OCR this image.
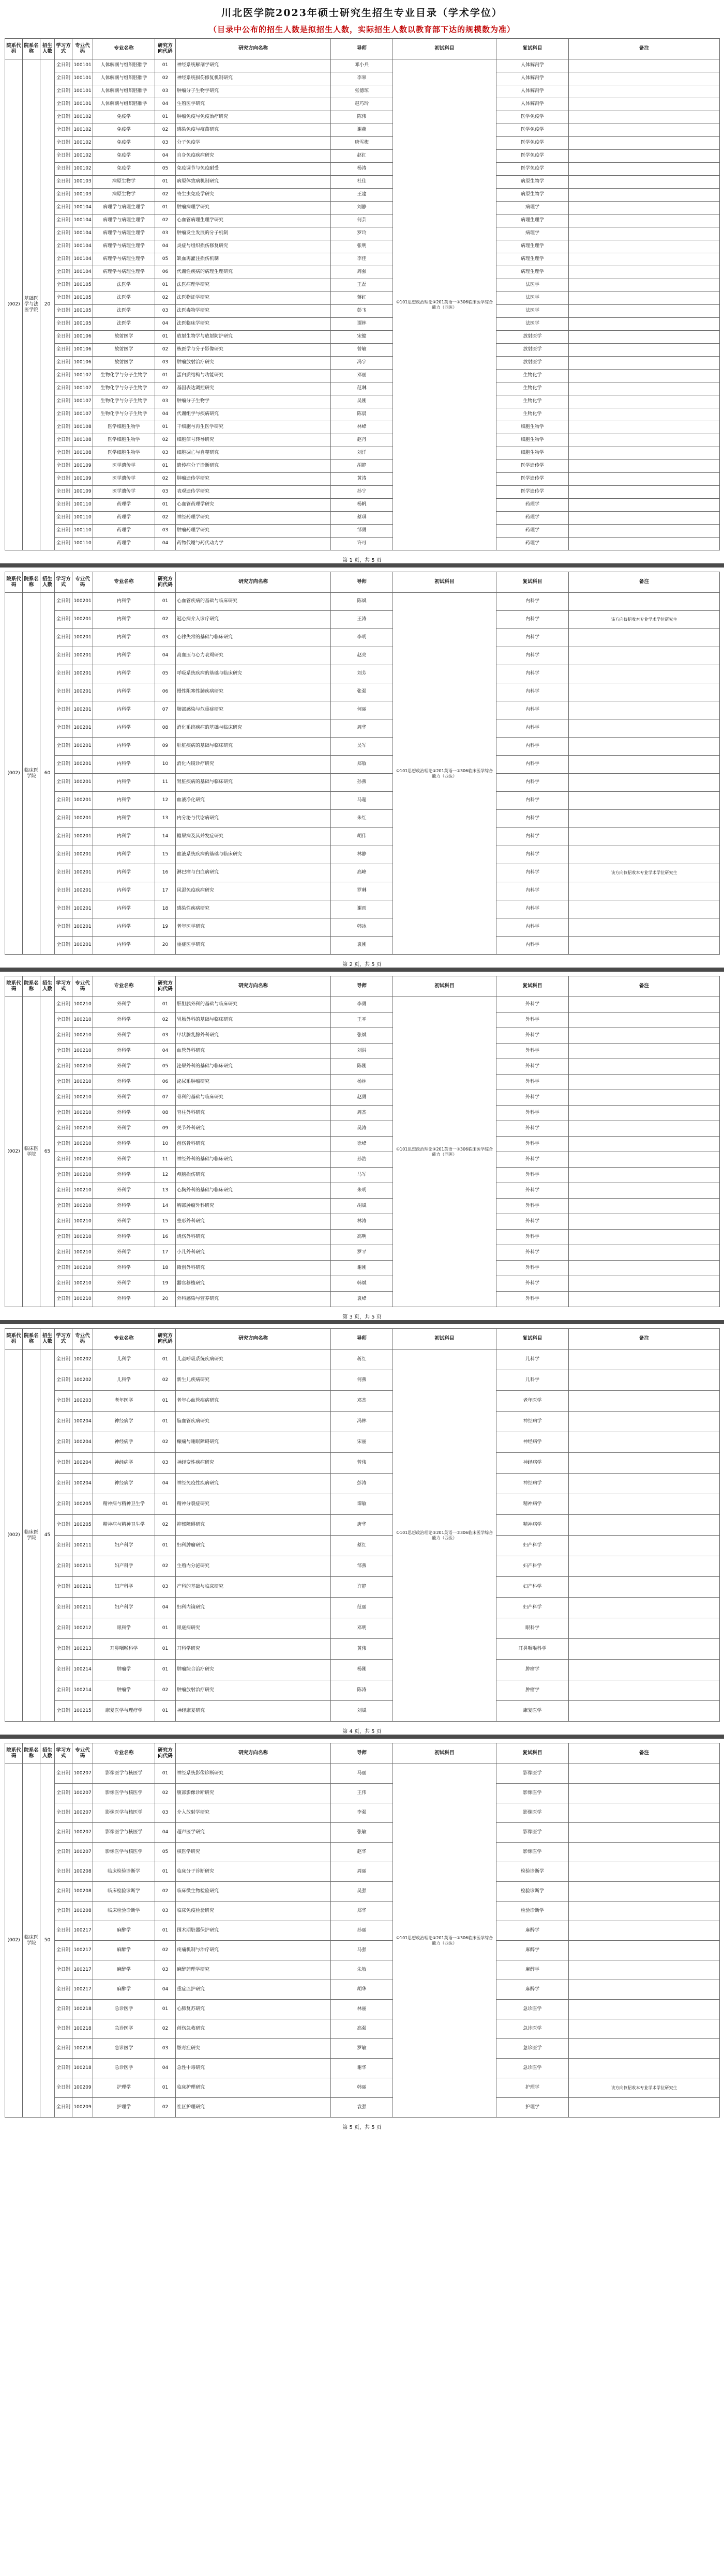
川北医学院2023年硕士研究生招生专业目录（学术学位）
（目录中公布的招生人数是拟招生人数，实际招生人数以教育部下达的规模数为准）
院系代码	院系名称	招生人数	学习方式	专业代码	专业名称	研究方向代码	研究方向名称	导师	初试科目	复试科目	备注
(002)	基础医学与法医学院	20	全日制	100101	人体解剖与组织胚胎学	01	神经系统解剖学研究	邓小兵	①101思想政治理论②201英语一③306临床医学综合能力（西医）	人体解剖学	
			全日制	100101	人体解剖与组织胚胎学	02	神经系统损伤修复机制研究	李翠		人体解剖学	
			全日制	100101	人体解剖与组织胚胎学	03	肿瘤分子生物学研究	张德琼		人体解剖学	
			全日制	100101	人体解剖与组织胚胎学	04	生殖医学研究	赵巧玲		人体解剖学	
			全日制	100102	免疫学	01	肿瘤免疫与免疫治疗研究	陈伟		医学免疫学	
			全日制	100102	免疫学	02	感染免疫与疫苗研究	谢燕		医学免疫学	
			全日制	100102	免疫学	03	分子免疫学	唐雪梅		医学免疫学	
			全日制	100102	免疫学	04	自身免疫疾病研究	赵红		医学免疫学	
			全日制	100102	免疫学	05	免疫调节与免疫耐受	杨涛		医学免疫学	
			全日制	100103	病原生物学	01	病原体致病机制研究	杜佳		病原生物学	
			全日制	100103	病原生物学	02	寄生虫免疫学研究	王建		病原生物学	
			全日制	100104	病理学与病理生理学	01	肿瘤病理学研究	刘静		病理学	
			全日制	100104	病理学与病理生理学	02	心血管病理生理学研究	何芸		病理生理学	
			全日制	100104	病理学与病理生理学	03	肿瘤发生发展的分子机制	罗玲		病理学	
			全日制	100104	病理学与病理生理学	04	炎症与组织损伤修复研究	张明		病理生理学	
			全日制	100104	病理学与病理生理学	05	缺血再灌注损伤机制	李佳		病理生理学	
			全日制	100104	病理学与病理生理学	06	代谢性疾病的病理生理研究	周强		病理生理学	
			全日制	100105	法医学	01	法医病理学研究	王磊		法医学	
			全日制	100105	法医学	02	法医物证学研究	蒋红		法医学	
			全日制	100105	法医学	03	法医毒物学研究	彭飞		法医学	
			全日制	100105	法医学	04	法医临床学研究	谭林		法医学	
			全日制	100106	放射医学	01	放射生物学与放射防护研究	宋健		放射医学	
			全日制	100106	放射医学	02	核医学与分子影像研究	曾敏		放射医学	
			全日制	100106	放射医学	03	肿瘤放射治疗研究	冯宇		放射医学	
			全日制	100107	生物化学与分子生物学	01	蛋白质结构与功能研究	邓丽		生物化学	
			全日制	100107	生物化学与分子生物学	02	基因表达调控研究	范琳		生物化学	
			全日制	100107	生物化学与分子生物学	03	肿瘤分子生物学	吴刚		生物化学	
			全日制	100107	生物化学与分子生物学	04	代谢组学与疾病研究	陈晨		生物化学	
			全日制	100108	医学细胞生物学	01	干细胞与再生医学研究	林峰		细胞生物学	
			全日制	100108	医学细胞生物学	02	细胞信号转导研究	赵丹		细胞生物学	
			全日制	100108	医学细胞生物学	03	细胞凋亡与自噬研究	刘洋		细胞生物学	
			全日制	100109	医学遗传学	01	遗传病分子诊断研究	胡静		医学遗传学	
			全日制	100109	医学遗传学	02	肿瘤遗传学研究	黄涛		医学遗传学	
			全日制	100109	医学遗传学	03	表观遗传学研究	孙宁		医学遗传学	
			全日制	100110	药理学	01	心血管药理学研究	杨帆		药理学	
			全日制	100110	药理学	02	神经药理学研究	蔡琪		药理学	
			全日制	100110	药理学	03	肿瘤药理学研究	邹勇		药理学	
			全日制	100110	药理学	04	药物代谢与药代动力学	许可		药理学	
第 1 页，共 5 页
院系代码	院系名称	招生人数	学习方式	专业代码	专业名称	研究方向代码	研究方向名称	导师	初试科目	复试科目	备注
(002)	临床医学院	60	全日制	100201	内科学	01	心血管疾病的基础与临床研究	陈斌	①101思想政治理论②201英语一③306临床医学综合能力（西医）	内科学	
			全日制	100201	内科学	02	冠心病介入诊疗研究	王涛		内科学	该方向仅招收本专业学术学位研究生
			全日制	100201	内科学	03	心律失常的基础与临床研究	李明		内科学	
			全日制	100201	内科学	04	高血压与心力衰竭研究	赵亮		内科学	
			全日制	100201	内科学	05	呼吸系统疾病的基础与临床研究	刘芳		内科学	
			全日制	100201	内科学	06	慢性阻塞性肺疾病研究	张强		内科学	
			全日制	100201	内科学	07	肺部感染与危重症研究	何丽		内科学	
			全日制	100201	内科学	08	消化系统疾病的基础与临床研究	周华		内科学	
			全日制	100201	内科学	09	肝脏疾病的基础与临床研究	吴军		内科学	
			全日制	100201	内科学	10	消化内镜诊疗研究	郑敏		内科学	
			全日制	100201	内科学	11	肾脏疾病的基础与临床研究	孙燕		内科学	
			全日制	100201	内科学	12	血液净化研究	马超		内科学	
			全日制	100201	内科学	13	内分泌与代谢病研究	朱红		内科学	
			全日制	100201	内科学	14	糖尿病及其并发症研究	胡伟		内科学	
			全日制	100201	内科学	15	血液系统疾病的基础与临床研究	林静		内科学	
			全日制	100201	内科学	16	淋巴瘤与白血病研究	高峰		内科学	该方向仅招收本专业学术学位研究生
			全日制	100201	内科学	17	风湿免疫疾病研究	罗琳		内科学	
			全日制	100201	内科学	18	感染性疾病研究	谢雨		内科学	
			全日制	100201	内科学	19	老年医学研究	韩冰		内科学	
			全日制	100201	内科学	20	重症医学研究	袁刚		内科学	
第 2 页，共 5 页
院系代码	院系名称	招生人数	学习方式	专业代码	专业名称	研究方向代码	研究方向名称	导师	初试科目	复试科目	备注
(002)	临床医学院	65	全日制	100210	外科学	01	肝胆胰外科的基础与临床研究	李勇	①101思想政治理论②201英语一③306临床医学综合能力（西医）	外科学	
			全日制	100210	外科学	02	胃肠外科的基础与临床研究	王平		外科学	
			全日制	100210	外科学	03	甲状腺乳腺外科研究	张斌		外科学	
			全日制	100210	外科学	04	血管外科研究	刘洪		外科学	
			全日制	100210	外科学	05	泌尿外科的基础与临床研究	陈刚		外科学	
			全日制	100210	外科学	06	泌尿系肿瘤研究	杨林		外科学	
			全日制	100210	外科学	07	骨科的基础与临床研究	赵勇		外科学	
			全日制	100210	外科学	08	脊柱外科研究	周杰		外科学	
			全日制	100210	外科学	09	关节外科研究	吴涛		外科学	
			全日制	100210	外科学	10	创伤骨科研究	徐峰		外科学	
			全日制	100210	外科学	11	神经外科的基础与临床研究	孙浩		外科学	
			全日制	100210	外科学	12	颅脑损伤研究	马军		外科学	
			全日制	100210	外科学	13	心胸外科的基础与临床研究	朱明		外科学	
			全日制	100210	外科学	14	胸部肿瘤外科研究	胡斌		外科学	
			全日制	100210	外科学	15	整形外科研究	林涛		外科学	
			全日制	100210	外科学	16	烧伤外科研究	高明		外科学	
			全日制	100210	外科学	17	小儿外科研究	罗平		外科学	
			全日制	100210	外科学	18	微创外科研究	谢刚		外科学	
			全日制	100210	外科学	19	器官移植研究	韩斌		外科学	
			全日制	100210	外科学	20	外科感染与营养研究	袁峰		外科学	
第 3 页，共 5 页
院系代码	院系名称	招生人数	学习方式	专业代码	专业名称	研究方向代码	研究方向名称	导师	初试科目	复试科目	备注
(002)	临床医学院	45	全日制	100202	儿科学	01	儿童呼吸系统疾病研究	蒋红	①101思想政治理论②201英语一③306临床医学综合能力（西医）	儿科学	
			全日制	100202	儿科学	02	新生儿疾病研究	何燕		儿科学	
			全日制	100203	老年医学	01	老年心血管疾病研究	邓杰		老年医学	
			全日制	100204	神经病学	01	脑血管疾病研究	冯林		神经病学	
			全日制	100204	神经病学	02	癫痫与睡眠障碍研究	宋丽		神经病学	
			全日制	100204	神经病学	03	神经变性疾病研究	曾伟		神经病学	
			全日制	100204	神经病学	04	神经免疫性疾病研究	彭涛		神经病学	
			全日制	100205	精神病与精神卫生学	01	精神分裂症研究	谭敏		精神病学	
			全日制	100205	精神病与精神卫生学	02	抑郁障碍研究	唐华		精神病学	
			全日制	100211	妇产科学	01	妇科肿瘤研究	蔡红		妇产科学	
			全日制	100211	妇产科学	02	生殖内分泌研究	邹燕		妇产科学	
			全日制	100211	妇产科学	03	产科的基础与临床研究	许静		妇产科学	
			全日制	100211	妇产科学	04	妇科内镜研究	范丽		妇产科学	
			全日制	100212	眼科学	01	眼底病研究	邓明		眼科学	
			全日制	100213	耳鼻咽喉科学	01	耳科学研究	黄伟		耳鼻咽喉科学	
			全日制	100214	肿瘤学	01	肿瘤综合治疗研究	杨刚		肿瘤学	
			全日制	100214	肿瘤学	02	肿瘤放射治疗研究	陈涛		肿瘤学	
			全日制	100215	康复医学与理疗学	01	神经康复研究	刘斌		康复医学	
第 4 页，共 5 页
院系代码	院系名称	招生人数	学习方式	专业代码	专业名称	研究方向代码	研究方向名称	导师	初试科目	复试科目	备注
(002)	临床医学院	50	全日制	100207	影像医学与核医学	01	神经系统影像诊断研究	马丽	①101思想政治理论②201英语一③306临床医学综合能力（西医）	影像医学	
			全日制	100207	影像医学与核医学	02	腹部影像诊断研究	王伟		影像医学	
			全日制	100207	影像医学与核医学	03	介入放射学研究	李强		影像医学	
			全日制	100207	影像医学与核医学	04	超声医学研究	张敏		影像医学	
			全日制	100207	影像医学与核医学	05	核医学研究	赵华		影像医学	
			全日制	100208	临床检验诊断学	01	临床分子诊断研究	周丽		检验诊断学	
			全日制	100208	临床检验诊断学	02	临床微生物检验研究	吴强		检验诊断学	
			全日制	100208	临床检验诊断学	03	临床免疫检验研究	郑华		检验诊断学	
			全日制	100217	麻醉学	01	围术期脏器保护研究	孙丽		麻醉学	
			全日制	100217	麻醉学	02	疼痛机制与治疗研究	马强		麻醉学	
			全日制	100217	麻醉学	03	麻醉药理学研究	朱敏		麻醉学	
			全日制	100217	麻醉学	04	重症监护研究	胡华		麻醉学	
			全日制	100218	急诊医学	01	心肺复苏研究	林丽		急诊医学	
			全日制	100218	急诊医学	02	创伤急救研究	高强		急诊医学	
			全日制	100218	急诊医学	03	脓毒症研究	罗敏		急诊医学	
			全日制	100218	急诊医学	04	急性中毒研究	谢华		急诊医学	
			全日制	100209	护理学	01	临床护理研究	韩丽		护理学	该方向仅招收本专业学术学位研究生
			全日制	100209	护理学	02	社区护理研究	袁强		护理学	
第 5 页，共 5 页
